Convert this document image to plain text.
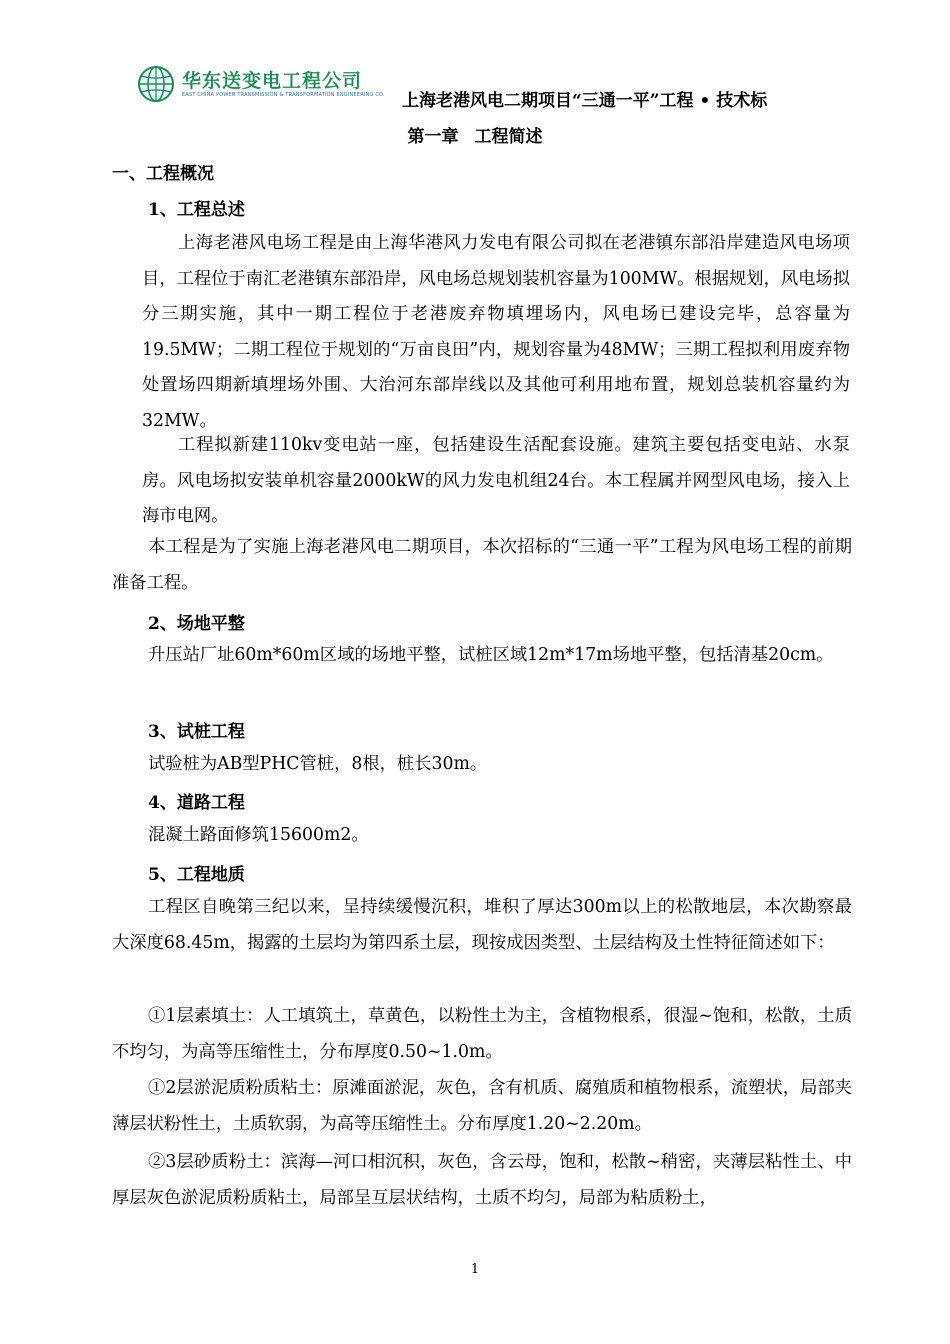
华东送变电工程公司
EAST CHINA POWER TRANSMISSION & TRANSFORMATION ENGINEERING CO. 上海老港风电二期项目“三通一平”工程 • 技术标
第一章 工程简述
一、工程概况
1、工程总述
上海老港风电场工程是由上海华港风力发电有限公司拟在老港镇东部沿岸建造风电场项目，工程位于南汇老港镇东部沿岸，风电场总规划装机容量为100MW。根据规划，风电场拟分三期实施，其中一期工程位于老港废弃物填埋场内，风电场已建设完毕，总容量为19.5MW；二期工程位于规划的“万亩良田”内，规划容量为48MW；三期工程拟利用废弃物处置场四期新填埋场外围、大治河东部岸线以及其他可利用地布置，规划总装机容量约为32MW。
工程拟新建110kv变电站一座，包括建设生活配套设施。建筑主要包括变电站、水泵房。风电场拟安装单机容量2000kW的风力发电机组24台。本工程属并网型风电场，接入上海市电网。
本工程是为了实施上海老港风电二期项目，本次招标的“三通一平”工程为风电场工程的前期准备工程。
2、场地平整
升压站厂址60m*60m区域的场地平整，试桩区域12m*17m场地平整，包括清基20cm。
3、试桩工程
试验桩为AB型PHC管桩，8根，桩长30m。
4、道路工程
混凝土路面修筑15600m2。
5、工程地质
工程区自晚第三纪以来，呈持续缓慢沉积，堆积了厚达300m以上的松散地层，本次勘察最大深度68.45m，揭露的土层均为第四系土层，现按成因类型、土层结构及土性特征简述如下：
①1层素填土：人工填筑土，草黄色，以粉性土为主，含植物根系，很湿~饱和，松散，土质不均匀，为高等压缩性土，分布厚度0.50~1.0m。
①2层淤泥质粉质粘土：原滩面淤泥，灰色，含有机质、腐殖质和植物根系，流塑状，局部夹薄层状粉性土，土质软弱，为高等压缩性土。分布厚度1.20~2.20m。
②3层砂质粉土：滨海—河口相沉积，灰色，含云母，饱和，松散~稍密，夹薄层粘性土、中厚层灰色淤泥质粉质粘土，局部呈互层状结构，土质不均匀，局部为粘质粉土，
1
